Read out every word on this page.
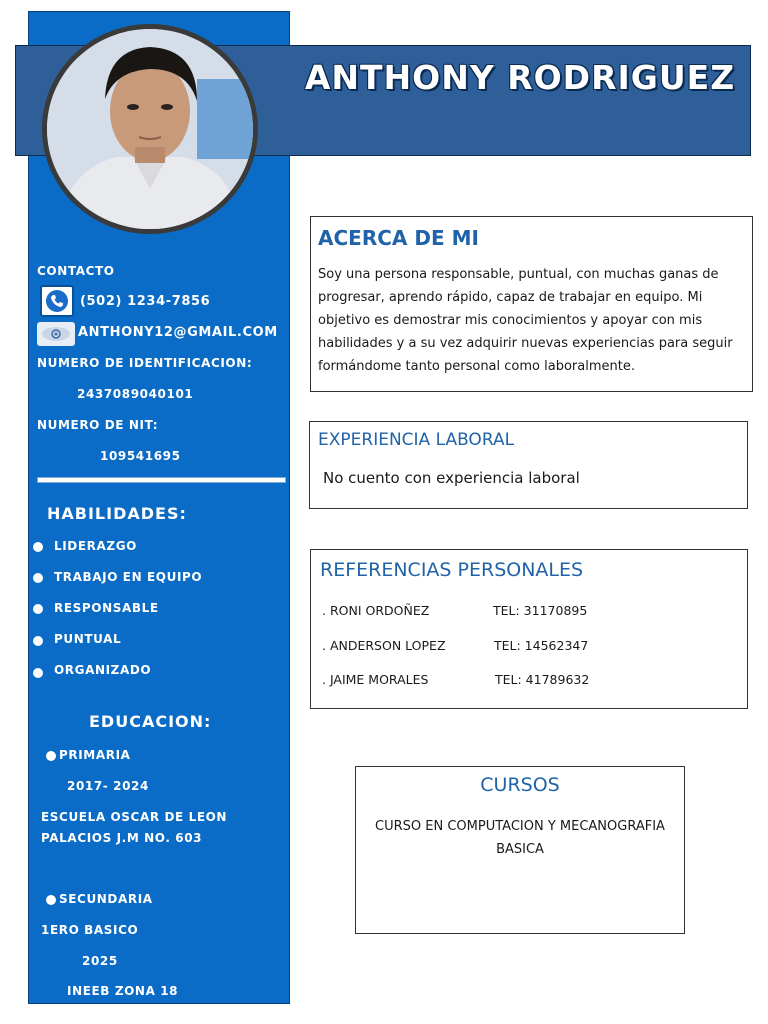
ANTHONY RODRIGUEZ
CONTACTO
(502) 1234-7856
ANTHONY12@GMAIL.COM
NUMERO DE IDENTIFICACION:
2437089040101
NUMERO DE NIT:
109541695
HABILIDADES:
LIDERAZGO
TRABAJO EN EQUIPO
RESPONSABLE
PUNTUAL
ORGANIZADO
EDUCACION:
PRIMARIA
2017- 2024
ESCUELA OSCAR DE LEON
PALACIOS J.M NO. 603
SECUNDARIA
1ERO BASICO
2025
INEEB ZONA 18
ACERCA DE MI
Soy una persona responsable, puntual, con muchas ganas de progresar, aprendo rápido, capaz de trabajar en equipo. Mi objetivo es demostrar mis conocimientos y apoyar con mis habilidades y a su vez adquirir nuevas experiencias para seguir formándome tanto personal como laboralmente.
EXPERIENCIA LABORAL
No cuento con experiencia laboral
REFERENCIAS PERSONALES
. RONI ORDOÑEZ	TEL: 31170895
. ANDERSON LOPEZ	TEL: 14562347
. JAIME MORALES	TEL: 41789632
CURSOS
CURSO EN COMPUTACION Y MECANOGRAFIA BASICA
